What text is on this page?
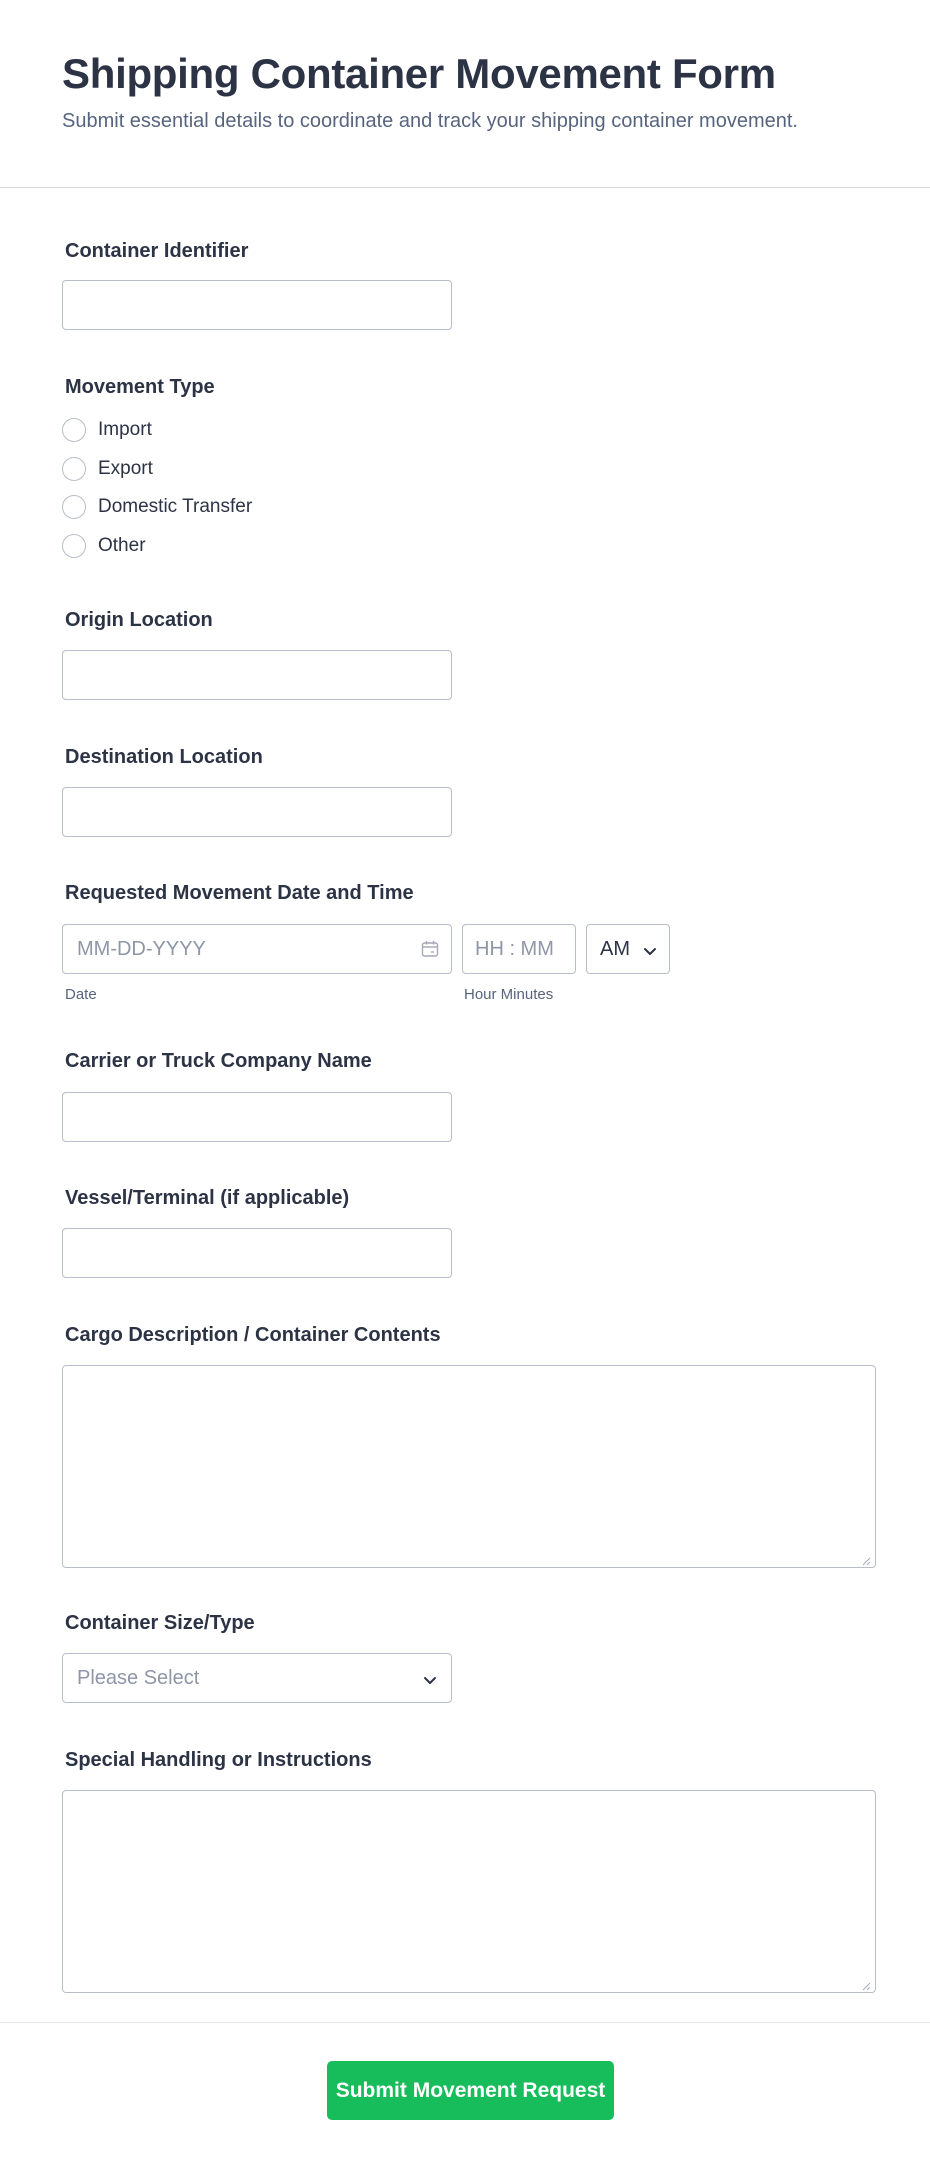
Shipping Container Movement Form
Submit essential details to coordinate and track your shipping container movement.
Container Identifier
Movement Type
Import
Export
Domestic Transfer
Other
Origin Location
Destination Location
Requested Movement Date and Time
MM-DD-YYYY	HH : MM AM
Date	Hour Minutes
Carrier or Truck Company Name
Vessel/Terminal (if applicable)
Cargo Description / Container Contents
Container Size/Type
Please Select
Special Handling or Instructions
Submit Movement Request
